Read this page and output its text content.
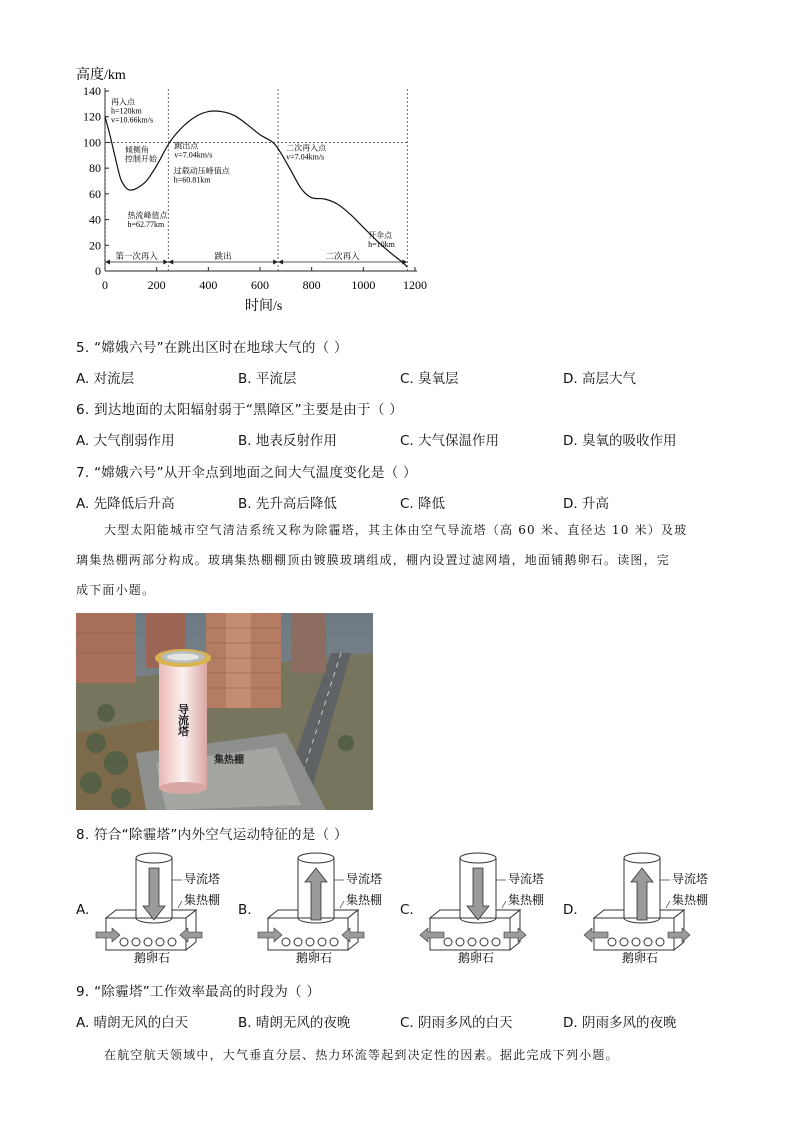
高度/km
时间/s
0
20
40
60
80
100
120
140
0	200	400	600	800	1000 1200
第一次再入	跳出	二次再入
再入点 h=120km v=10.66km/s
倾侧角控制开始
热流峰值点 h=62.77km
跳出点 v=7.04km/s
过载动压峰值点 h=60.81km
二次再入点 v=7.04km/s
开伞点 h=10km
5. “嫦娥六号”在跳出区时在地球大气的（ ）
A. 对流层	B. 平流层	C. 臭氧层	D. 高层大气
6. 到达地面的太阳辐射弱于“黑障区”主要是由于（ ）
A. 大气削弱作用	B. 地表反射作用	C. 大气保温作用	D. 臭氧的吸收作用
7. “嫦娥六号”从开伞点到地面之间大气温度变化是（ ）
A. 先降低后升高	B. 先升高后降低	C. 降低	D. 升高
大型太阳能城市空气清洁系统又称为除霾塔，其主体由空气导流塔（高 60 米、直径达 10 米）及玻
璃集热棚两部分构成。玻璃集热棚棚顶由镀膜玻璃组成，棚内设置过滤网墙，地面铺鹅卵石。读图，完
成下面小题。
导流塔
集热棚
8. 符合“除霾塔”内外空气运动特征的是（ ）
A.	B.	C.	D.
导流塔
集热棚
鹅卵石
导流塔
集热棚
鹅卵石
导流塔
集热棚
鹅卵石
导流塔
集热棚
鹅卵石
9. “除霾塔”工作效率最高的时段为（ ）
A. 晴朗无风的白天	B. 晴朗无风的夜晚	C. 阴雨多风的白天	D. 阴雨多风的夜晚
在航空航天领域中，大气垂直分层、热力环流等起到决定性的因素。据此完成下列小题。
